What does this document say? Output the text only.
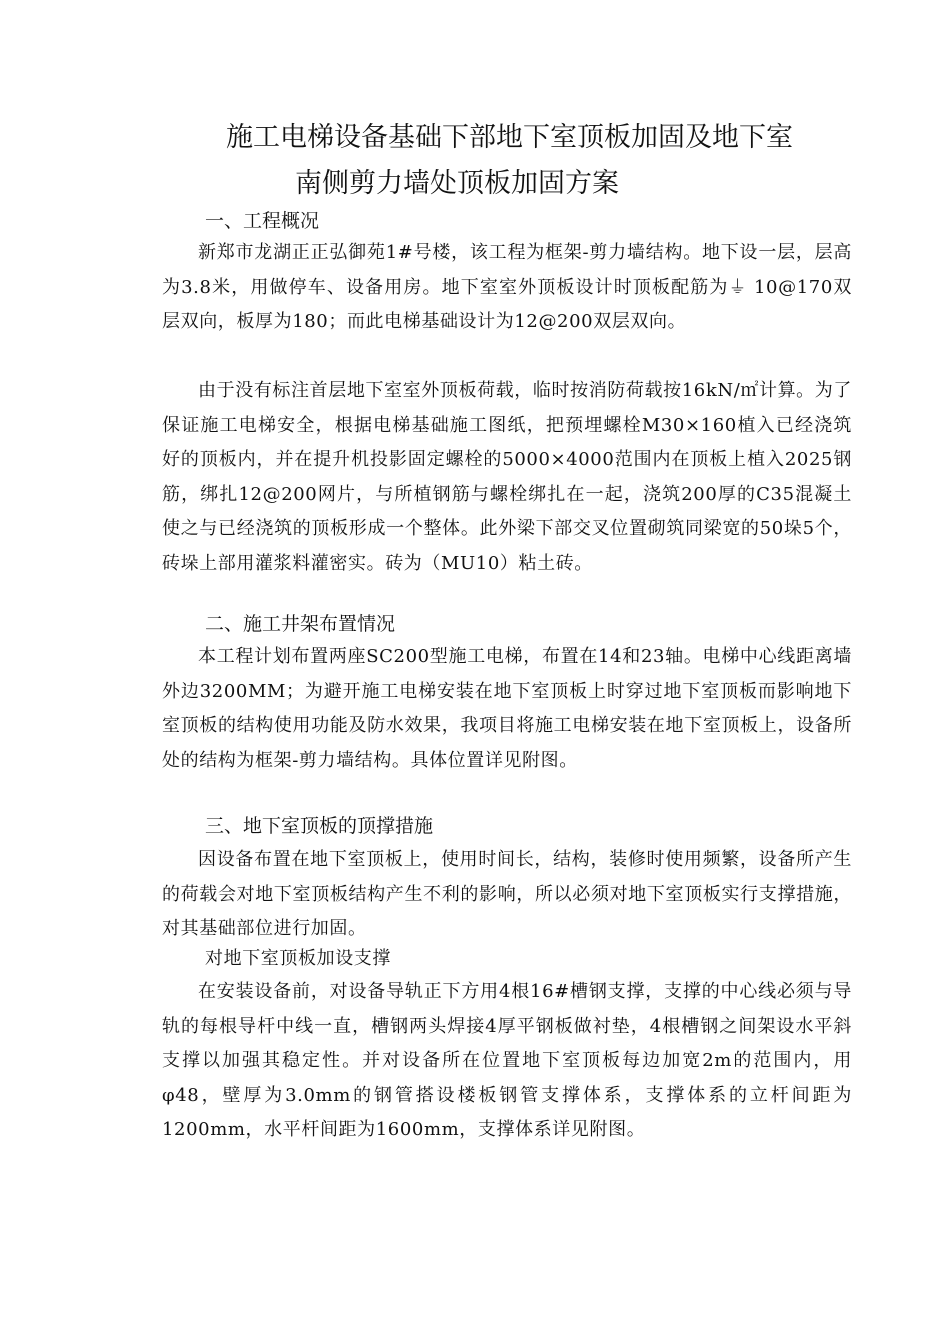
施工电梯设备基础下部地下室顶板加固及地下室
南侧剪力墙处顶板加固方案
一、工程概况

新郑市龙湖正正弘御苑1#号楼，该工程为框架-剪力墙结构。地下设一层，层高为3.8米，用做停车、设备用房。地下室室外顶板设计时顶板配筋为⏚ 10@170双层双向，板厚为180；而此电梯基础设计为12@200双层双向。

由于没有标注首层地下室室外顶板荷载，临时按消防荷载按16kN/㎡计算。为了保证施工电梯安全，根据电梯基础施工图纸，把预埋螺栓M30×160植入已经浇筑好的顶板内，并在提升机投影固定螺栓的5000×4000范围内在顶板上植入2025钢筋，绑扎12@200网片，与所植钢筋与螺栓绑扎在一起，浇筑200厚的C35混凝土使之与已经浇筑的顶板形成一个整体。此外梁下部交叉位置砌筑同梁宽的50垛5个，砖垛上部用灌浆料灌密实。砖为（MU10）粘土砖。

二、施工井架布置情况

本工程计划布置两座SC200型施工电梯，布置在14和23轴。电梯中心线距离墙外边3200MM；为避开施工电梯安装在地下室顶板上时穿过地下室顶板而影响地下室顶板的结构使用功能及防水效果，我项目将施工电梯安装在地下室顶板上，设备所处的结构为框架-剪力墙结构。具体位置详见附图。

三、地下室顶板的顶撑措施

因设备布置在地下室顶板上，使用时间长，结构，装修时使用频繁，设备所产生的荷载会对地下室顶板结构产生不利的影响，所以必须对地下室顶板实行支撑措施，对其基础部位进行加固。

对地下室顶板加设支撑

在安装设备前，对设备导轨正下方用4根16#槽钢支撑，支撑的中心线必须与导轨的每根导杆中线一直，槽钢两头焊接4厚平钢板做衬垫，4根槽钢之间架设水平斜支撑以加强其稳定性。并对设备所在位置地下室顶板每边加宽2m的范围内，用φ48，壁厚为3.0mm的钢管搭设楼板钢管支撑体系，支撑体系的立杆间距为1200mm，水平杆间距为1600mm，支撑体系详见附图。
